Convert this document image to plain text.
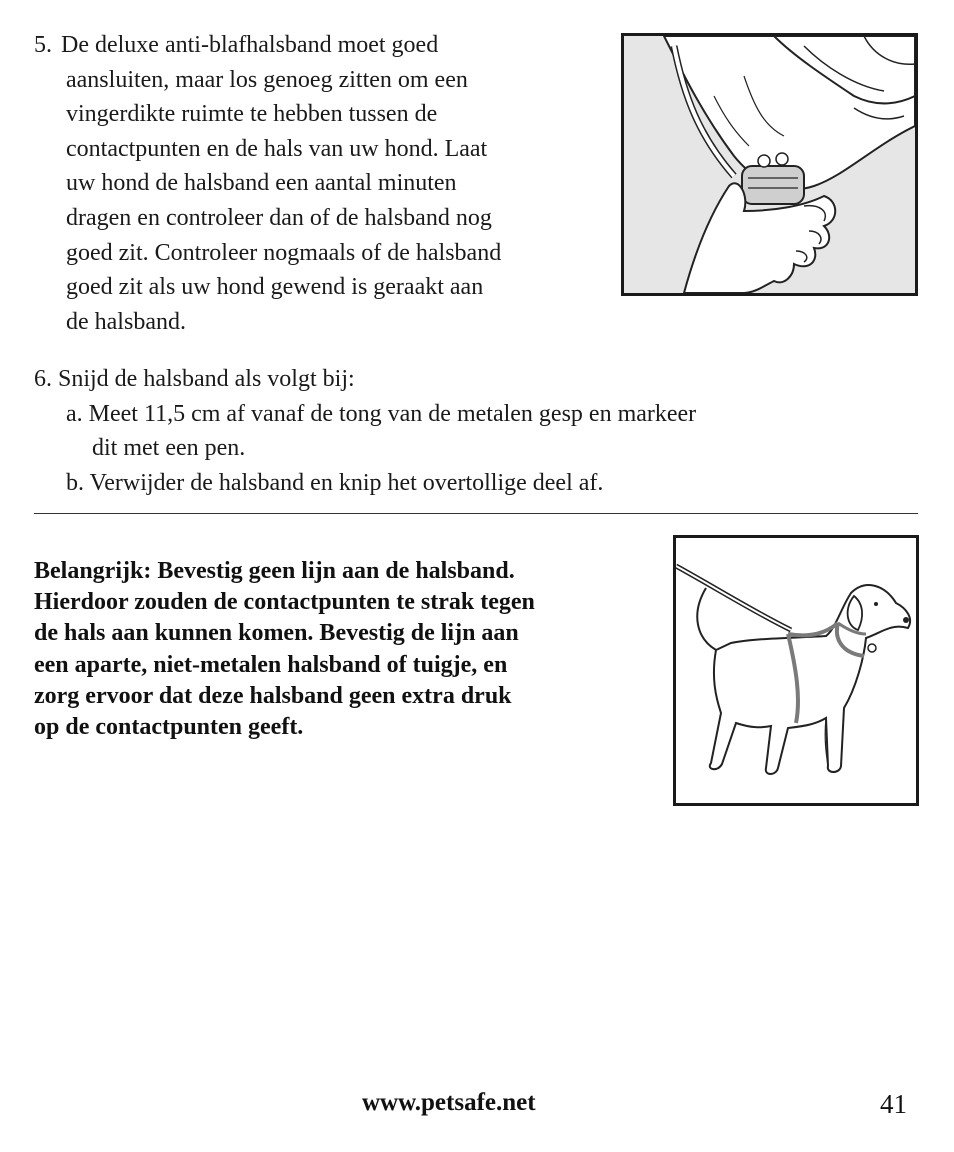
5. De deluxe anti-blafhalsband moet goed
aansluiten, maar los genoeg zitten om een
vingerdikte ruimte te hebben tussen de
contactpunten en de hals van uw hond. Laat
uw hond de halsband een aantal minuten
dragen en controleer dan of de halsband nog
goed zit. Controleer nogmaals of de halsband
goed zit als uw hond gewend is geraakt aan
de halsband.
6. Snijd de halsband als volgt bij:
a. Meet 11,5 cm af vanaf de tong van de metalen gesp en markeer
dit met een pen.
b. Verwijder de halsband en knip het overtollige deel af.
Belangrijk: Bevestig geen lijn aan de halsband.
Hierdoor zouden de contactpunten te strak tegen
de hals aan kunnen komen. Bevestig de lijn aan
een aparte, niet-metalen halsband of tuigje, en
zorg ervoor dat deze halsband geen extra druk
op de contactpunten geeft.
www.petsafe.net	41
